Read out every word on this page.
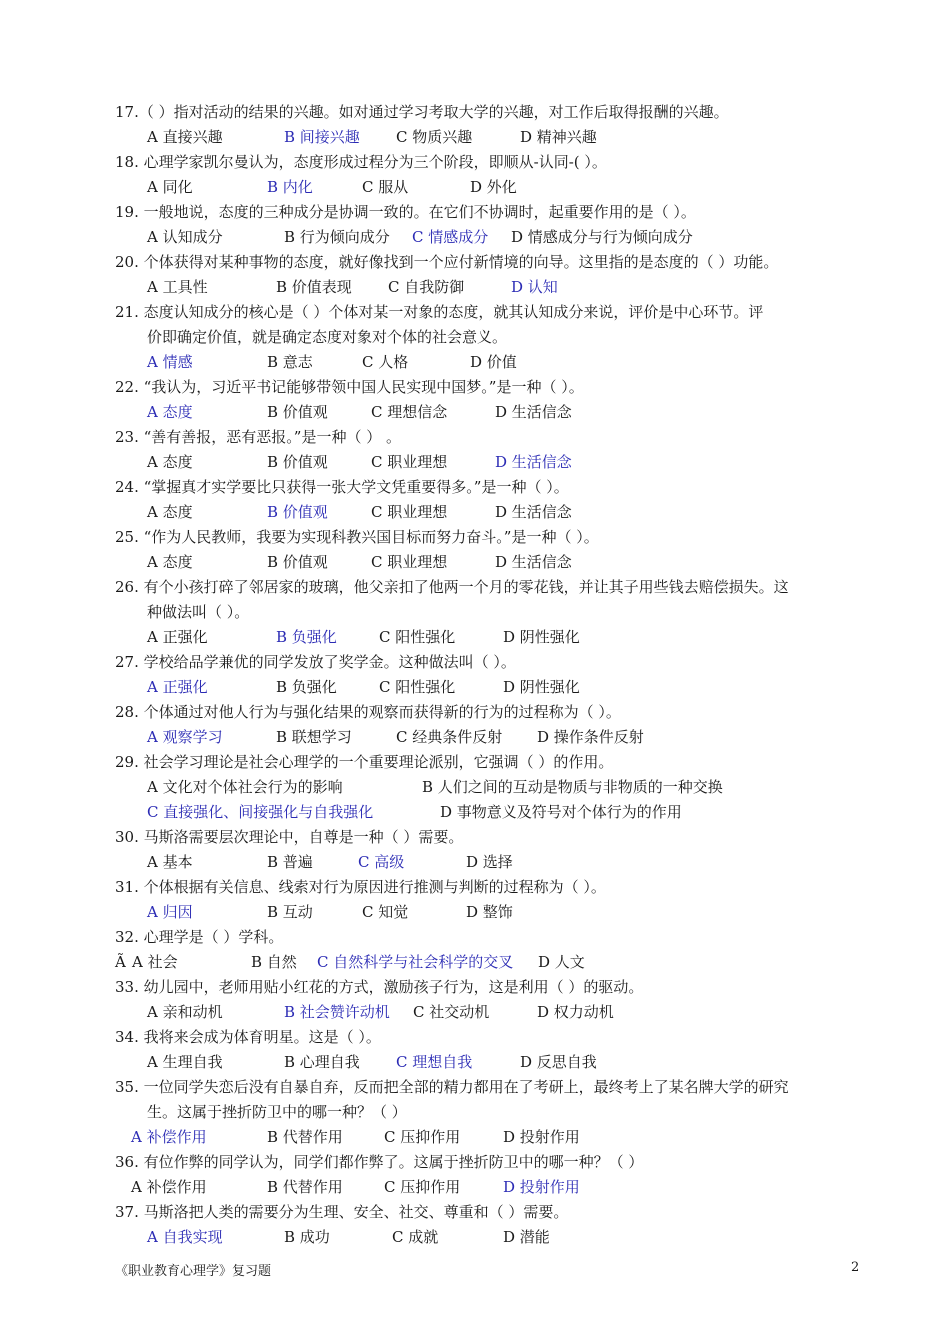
17.（ ）指对活动的结果的兴趣。如对通过学习考取大学的兴趣，对工作后取得报酬的兴趣。
A 直接兴趣	B 间接兴趣 C 物质兴趣	D 精神兴趣
18. 心理学家凯尔曼认为，态度形成过程分为三个阶段，即顺从-认同-( ）。
A 同化	B 内化	C 服从	D 外化
19. 一般地说，态度的三种成分是协调一致的。在它们不协调时，起重要作用的是（ ）。
A 认知成分	B 行为倾向成分 C 情感成分 D 情感成分与行为倾向成分
20. 个体获得对某种事物的态度，就好像找到一个应付新情境的向导。这里指的是态度的（ ）功能。
A 工具性	B 价值表现 C 自我防御	D 认知
21. 态度认知成分的核心是（ ）个体对某一对象的态度，就其认知成分来说，评价是中心环节。评
价即确定价值，就是确定态度对象对个体的社会意义。
A 情感	B 意志	C 人格	D 价值
22. “我认为，习近平书记能够带领中国人民实现中国梦。”是一种（ ）。
A 态度	B 价值观	C 理想信念	D 生活信念
23. “善有善报，恶有恶报。”是一种（ ） 。
A 态度	B 价值观	C 职业理想	D 生活信念
24. “掌握真才实学要比只获得一张大学文凭重要得多。”是一种（ ）。
A 态度	B 价值观	C 职业理想	D 生活信念
25. “作为人民教师，我要为实现科教兴国目标而努力奋斗。”是一种（ ）。
A 态度	B 价值观	C 职业理想	D 生活信念
26. 有个小孩打碎了邻居家的玻璃，他父亲扣了他两一个月的零花钱，并让其子用些钱去赔偿损失。这
种做法叫（ ）。
A 正强化	B 负强化	C 阳性强化	D 阴性强化
27. 学校给品学兼优的同学发放了奖学金。这种做法叫（ ）。
A 正强化	B 负强化	C 阳性强化	D 阴性强化
28. 个体通过对他人行为与强化结果的观察而获得新的行为的过程称为（ ）。
A 观察学习	B 联想学习	C 经典条件反射 D 操作条件反射
29. 社会学习理论是社会心理学的一个重要理论派别，它强调（ ）的作用。
A 文化对个体社会行为的影响	B 人们之间的互动是物质与非物质的一种交换
C 直接强化、间接强化与自我强化	D 事物意义及符号对个体行为的作用
30. 马斯洛需要层次理论中，自尊是一种（ ）需要。
A 基本	B 普遍	C 高级	D 选择
31. 个体根据有关信息、线索对行为原因进行推测与判断的过程称为（ ）。
A 归因	B 互动	C 知觉	D 整饰
32. 心理学是（ ）学科。
Ã A 社会	B 自然 C 自然科学与社会科学的交叉 D 人文
33. 幼儿园中，老师用贴小红花的方式，激励孩子行为，这是利用（ ）的驱动。
A 亲和动机	B 社会赞许动机 C 社交动机	D 权力动机
34. 我将来会成为体育明星。这是（ ）。
A 生理自我	B 心理自我 C 理想自我	D 反思自我
35. 一位同学失恋后没有自暴自弃，反而把全部的精力都用在了考研上，最终考上了某名牌大学的研究
生。这属于挫折防卫中的哪一种？（ ）
A 补偿作用	B 代替作用	C 压抑作用	D 投射作用
36. 有位作弊的同学认为，同学们都作弊了。这属于挫折防卫中的哪一种？（ ）
A 补偿作用	B 代替作用	C 压抑作用	D 投射作用
37. 马斯洛把人类的需要分为生理、安全、社交、尊重和（ ）需要。
A 自我实现	B 成功	C 成就	D 潜能
《职业教育心理学》复习题	2
